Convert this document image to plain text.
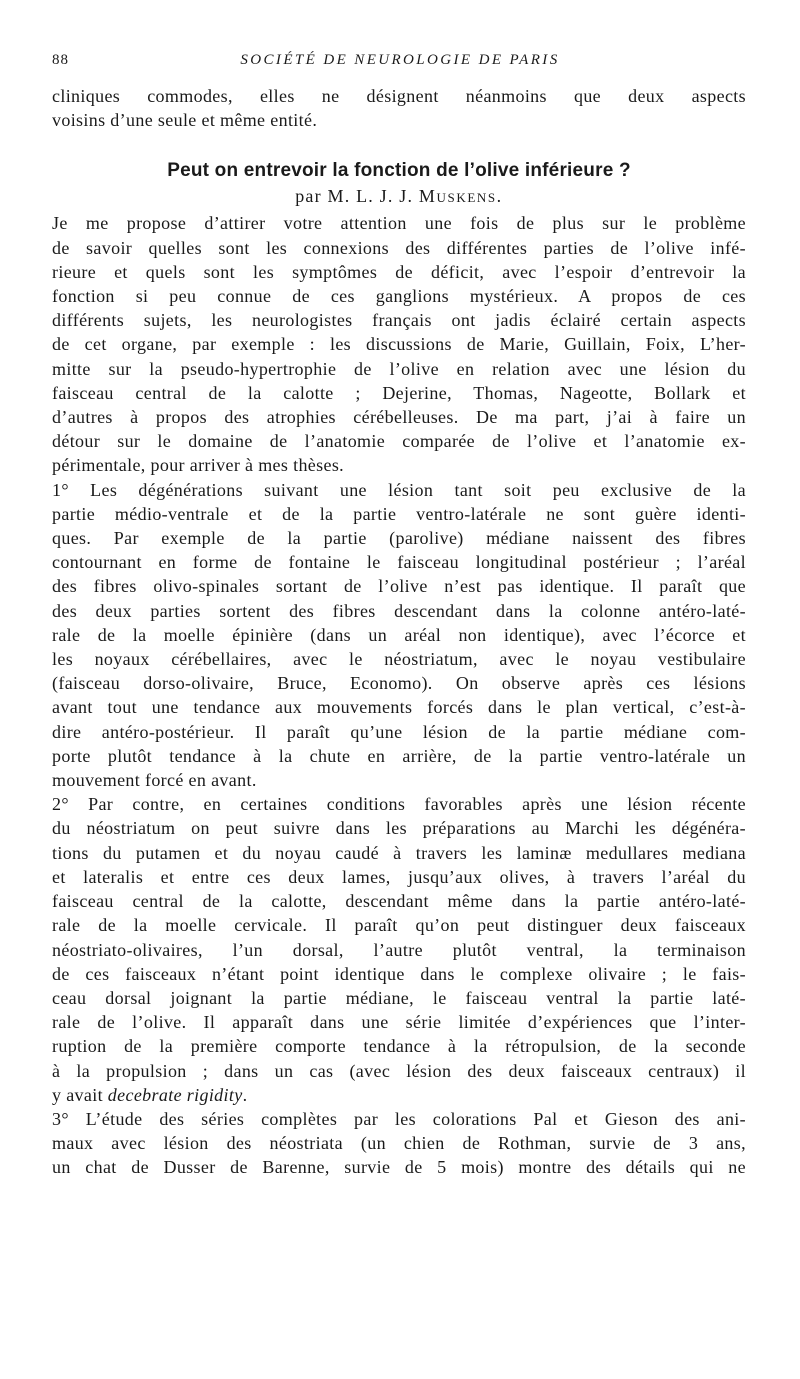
88	SOCIÉTÉ DE NEUROLOGIE DE PARIS

cliniques commodes, elles ne désignent néanmoins que deux aspects

voisins d’une seule et même entité.

Peut on entrevoir la fonction de l’olive inférieure ?
par M. L. J. J. Muskens.

Je me propose d’attirer votre attention une fois de plus sur le problème

de savoir quelles sont les connexions des différentes parties de l’olive infé-

rieure et quels sont les symptômes de déficit, avec l’espoir d’entrevoir la

fonction si peu connue de ces ganglions mystérieux. A propos de ces

différents sujets, les neurologistes français ont jadis éclairé certain aspects

de cet organe, par exemple : les discussions de Marie, Guillain, Foix, L’her-

mitte sur la pseudo-hypertrophie de l’olive en relation avec une lésion du

faisceau central de la calotte ; Dejerine, Thomas, Nageotte, Bollark et

d’autres à propos des atrophies cérébelleuses. De ma part, j’ai à faire un

détour sur le domaine de l’anatomie comparée de l’olive et l’anatomie ex-

périmentale, pour arriver à mes thèses.

1° Les dégénérations suivant une lésion tant soit peu exclusive de la

partie médio-ventrale et de la partie ventro-latérale ne sont guère identi-

ques. Par exemple de la partie (parolive) médiane naissent des fibres

contournant en forme de fontaine le faisceau longitudinal postérieur ; l’aréal

des fibres olivo-spinales sortant de l’olive n’est pas identique. Il paraît que

des deux parties sortent des fibres descendant dans la colonne antéro-laté-

rale de la moelle épinière (dans un aréal non identique), avec l’écorce et

les noyaux cérébellaires, avec le néostriatum, avec le noyau vestibulaire

(faisceau dorso-olivaire, Bruce, Economo). On observe après ces lésions

avant tout une tendance aux mouvements forcés dans le plan vertical, c’est-à-

dire antéro-postérieur. Il paraît qu’une lésion de la partie médiane com-

porte plutôt tendance à la chute en arrière, de la partie ventro-latérale un

mouvement forcé en avant.

2° Par contre, en certaines conditions favorables après une lésion récente

du néostriatum on peut suivre dans les préparations au Marchi les dégénéra-

tions du putamen et du noyau caudé à travers les laminæ medullares mediana

et lateralis et entre ces deux lames, jusqu’aux olives, à travers l’aréal du

faisceau central de la calotte, descendant même dans la partie antéro-laté-

rale de la moelle cervicale. Il paraît qu’on peut distinguer deux faisceaux

néostriato-olivaires, l’un dorsal, l’autre plutôt ventral, la terminaison

de ces faisceaux n’étant point identique dans le complexe olivaire ; le fais-

ceau dorsal joignant la partie médiane, le faisceau ventral la partie laté-

rale de l’olive. Il apparaît dans une série limitée d’expériences que l’inter-

ruption de la première comporte tendance à la rétropulsion, de la seconde

à la propulsion ; dans un cas (avec lésion des deux faisceaux centraux) il

y avait decebrate rigidity.

3° L’étude des séries complètes par les colorations Pal et Gieson des ani-

maux avec lésion des néostriata (un chien de Rothman, survie de 3 ans,

un chat de Dusser de Barenne, survie de 5 mois) montre des détails qui ne
